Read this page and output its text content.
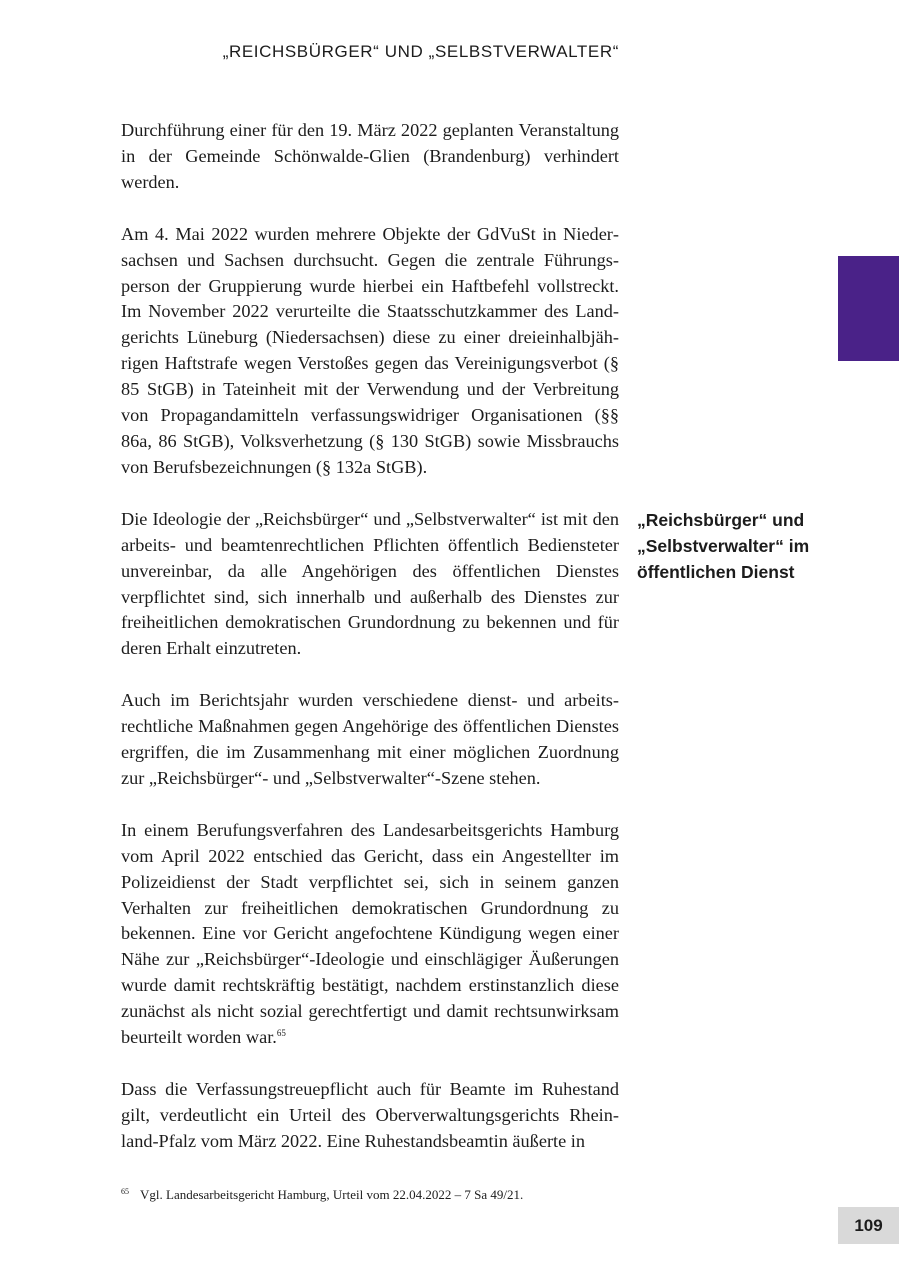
„REICHSBÜRGER“ UND „SELBSTVERWALTER“

Durchführung einer für den 19. März 2022 geplanten Veranstaltung in der Gemeinde Schönwalde-Glien (Brandenburg) verhindert werden.

Am 4. Mai 2022 wurden mehrere Objekte der GdVuSt in Niedersachsen und Sachsen durchsucht. Gegen die zentrale Führungsperson der Gruppierung wurde hierbei ein Haftbefehl vollstreckt. Im November 2022 verurteilte die Staatsschutzkammer des Landgerichts Lüneburg (Niedersachsen) diese zu einer dreieinhalbjährigen Haftstrafe wegen Verstoßes gegen das Vereinigungsverbot (§ 85 StGB) in Tateinheit mit der Verwendung und der Verbreitung von Propagandamitteln verfassungswidriger Organisationen (§§ 86a, 86 StGB), Volksverhetzung (§ 130 StGB) sowie Missbrauchs von Berufsbezeichnungen (§ 132a StGB).

Die Ideologie der „Reichsbürger“ und „Selbstverwalter“ ist mit den arbeits- und beamtenrechtlichen Pflichten öffentlich Bediensteter unvereinbar, da alle Angehörigen des öffentlichen Dienstes verpflichtet sind, sich innerhalb und außerhalb des Dienstes zur freiheitlichen demokratischen Grundordnung zu bekennen und für deren Erhalt einzutreten.

Auch im Berichtsjahr wurden verschiedene dienst- und arbeitsrechtliche Maßnahmen gegen Angehörige des öffentlichen Dienstes ergriffen, die im Zusammenhang mit einer möglichen Zuordnung zur „Reichsbürger“- und „Selbstverwalter“-Szene stehen.

In einem Berufungsverfahren des Landesarbeitsgerichts Hamburg vom April 2022 entschied das Gericht, dass ein Angestellter im Polizeidienst der Stadt verpflichtet sei, sich in seinem ganzen Verhalten zur freiheitlichen demokratischen Grundordnung zu bekennen. Eine vor Gericht angefochtene Kündigung wegen einer Nähe zur „Reichsbürger“-Ideologie und einschlägiger Äußerungen wurde damit rechtskräftig bestätigt, nachdem erstinstanzlich diese zunächst als nicht sozial gerechtfertigt und damit rechtsunwirksam beurteilt worden war.$^{65}$

Dass die Verfassungstreuepflicht auch für Beamte im Ruhestand gilt, verdeutlicht ein Urteil des Oberverwaltungsgerichts Rheinland-Pfalz vom März 2022. Eine Ruhestandsbeamtin äußerte in

„Reichsbürger“ und
„Selbstverwalter“ im
öffentlichen Dienst
65 Vgl. Landesarbeitsgericht Hamburg, Urteil vom 22.04.2022 – 7 Sa 49/21.
109
